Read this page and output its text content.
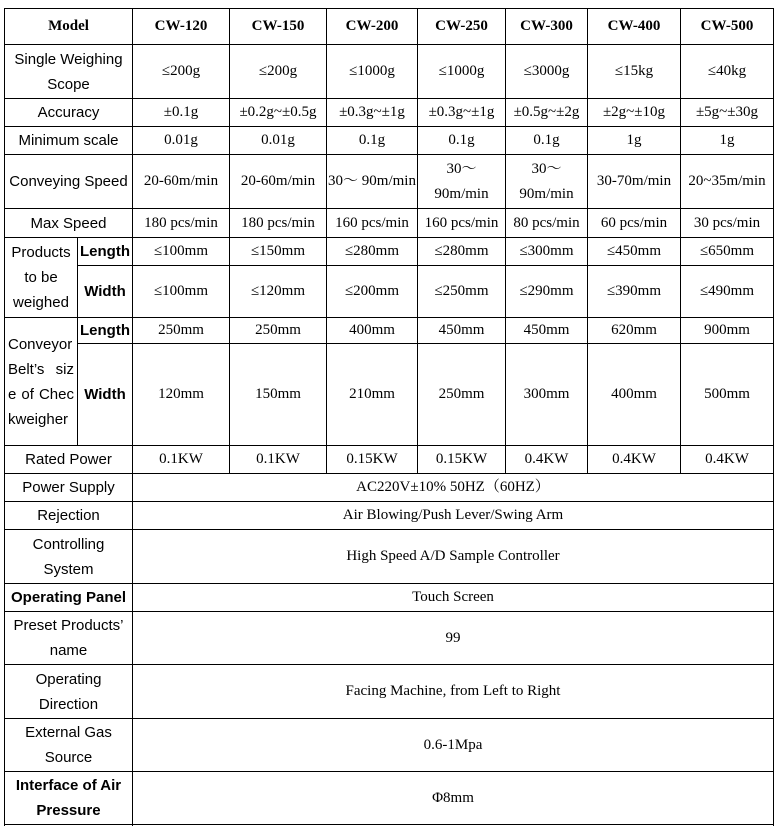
Model		CW-120	CW-150	CW-200	CW-250	CW-300	CW-400	CW-500
Single Weighing Scope		≤200g	≤200g	≤1000g	≤1000g	≤3000g	≤15kg	≤40kg
Accuracy		±0.1g	±0.2g~±0.5g	±0.3g~±1g	±0.3g~±1g	±0.5g~±2g	±2g~±10g	±5g~±30g
Minimum scale		0.01g	0.01g	0.1g	0.1g	0.1g	1g	1g
Conveying Speed		20-60m/min	20-60m/min	30～ 90m/min	30～ 90m/min	30～ 90m/min	30-70m/min	20~35m/min
Max Speed		180 pcs/min	180 pcs/min	160 pcs/min	160 pcs/min	80 pcs/min	60 pcs/min	30 pcs/min
Products to be weighed	Length	≤100mm	≤150mm	≤280mm	≤280mm	≤300mm	≤450mm	≤650mm
	Width	≤100mm	≤120mm	≤200mm	≤250mm	≤290mm	≤390mm	≤490mm
Conveyor Belt’s size of Checkweigher	Length	250mm	250mm	400mm	450mm	450mm	620mm	900mm
	Width	120mm	150mm	210mm	250mm	300mm	400mm	500mm
Rated Power		0.1KW	0.1KW	0.15KW	0.15KW	0.4KW	0.4KW	0.4KW
Power Supply		AC220V±10% 50HZ（60HZ）						
Rejection		Air Blowing/Push Lever/Swing Arm						
Controlling System		High Speed A/D Sample Controller						
Operating Panel		Touch Screen						
Preset Products’ name		99						
Operating Direction		Facing Machine, from Left to Right						
External Gas Source		0.6-1Mpa						
Interface of Air Pressure		Φ8mm						
